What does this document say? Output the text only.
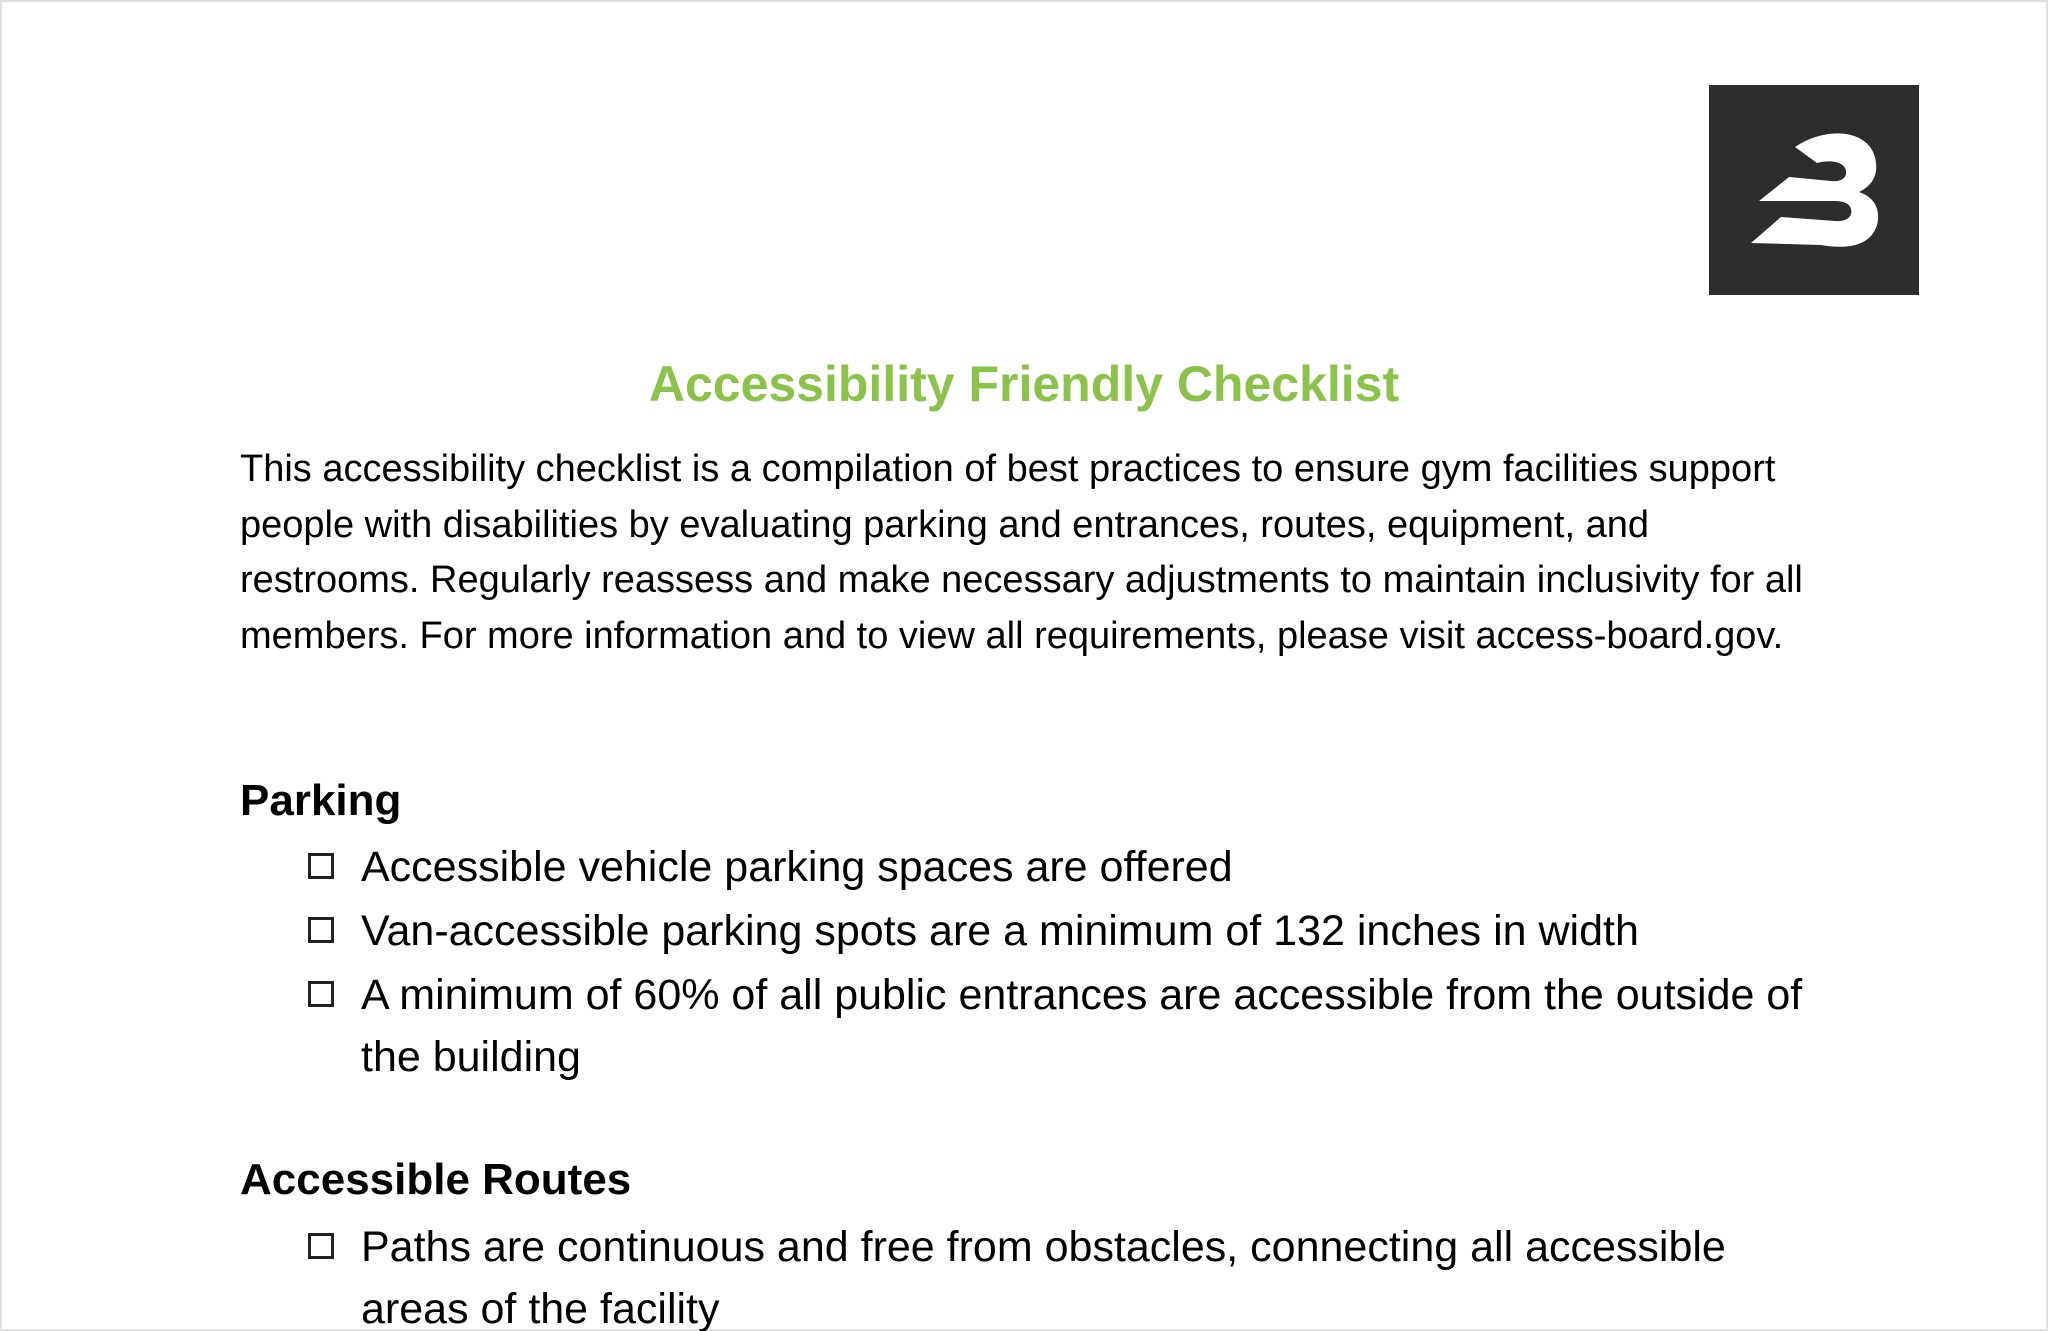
Accessibility Friendly Checklist

This accessibility checklist is a compilation of best practices to ensure gym facilities support people with disabilities by evaluating parking and entrances, routes, equipment, and restrooms. Regularly reassess and make necessary adjustments to maintain inclusivity for all members. For more information and to view all requirements, please visit access-board.gov.

Parking
Accessible vehicle parking spaces are offered
Van-accessible parking spots are a minimum of 132 inches in width
A minimum of 60% of all public entrances are accessible from the outside of the building
Accessible Routes
Paths are continuous and free from obstacles, connecting all accessible areas of the facility
